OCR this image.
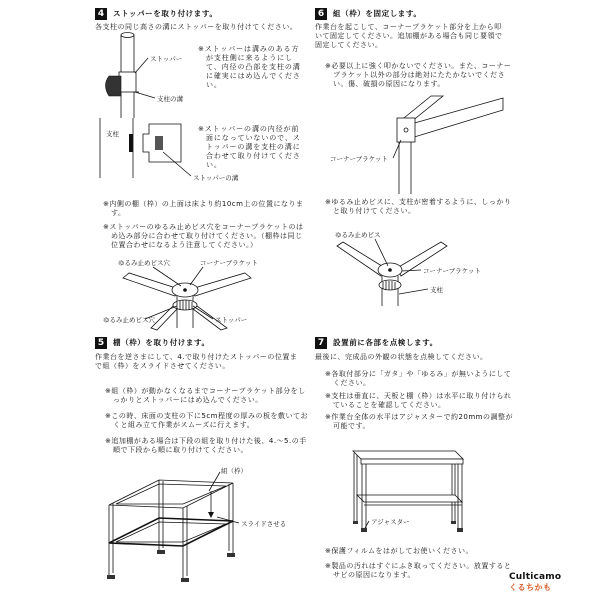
ストッパー
支柱の溝
支柱
ストッパーの溝
ゆるみ止めビス穴	コーナーブラケット
ゆるみ止めビス穴	ストッパー
4	ストッパーを取り付けます。

各支柱の同じ高さの溝にストッパーを取り付けてください。

※ストッパーは溝みのある方が支柱側に来るようにして、内径の凸部を支柱の溝に確実にはめ込んでください。

※ストッパーの溝の内径が前面になっていないので、ストッパーの溝を支柱の溝に合わせて取り付けてください。

※内側の棚（枠）の上面は床より約10cm上の位置になります。

※ストッパーのゆるみ止めビス穴をコーナーブラケットのはめ込み部分に合わせて取り付けてください。（棚枠は同じ位置合わせになるよう注意してください。）

コーナーブラケット
ゆるみ止めビス
コーナーブラケット
支柱
6	組（枠）を固定します。

作業台を起こして、コーナーブラケット部分を上から叩いて固定してください。追加棚がある場合も同じ要領で固定してください。

※必要以上に強く叩かないでください。また、コーナーブラケット以外の部分は絶対にたたかないでください。傷、破損の原因になります。

※ゆるみ止めビスに、支柱が密着するように、しっかりと取り付けてください。

組（枠）
スライドさせる
5	棚（枠）を取り付けます。

作業台を逆さまにして、4.で取り付けたストッパーの位置まで組（枠）をスライドさせてください。

※組（枠）が動かなくなるまでコーナーブラケット部分をしっかりとストッパーにはめ込んでください。

※この時、床面の支柱の下に5cm程度の厚みの板を敷いておくと組み立て作業がスムーズに行えます。

※追加棚がある場合は下段の組を取り付けた後、4.〜5.の手順で下段から順に取り付けてください。

アジャスター
7	設置前に各部を点検します。

最後に、完成品の外観の状態を点検してください。

※各取付部分に「ガタ」や「ゆるみ」が無いようにしてください。

※支柱は垂直に、天板と棚（枠）は水平に取り付けられていることを確認してください。

※作業台全体の水平はアジャスターで約20mmの調整が可能です。

※保護フィルムをはがしてお使いください。

※製品の汚れはすぐにふき取ってください。放置するとサビの原因になります。	Culticamo
くるちかも
